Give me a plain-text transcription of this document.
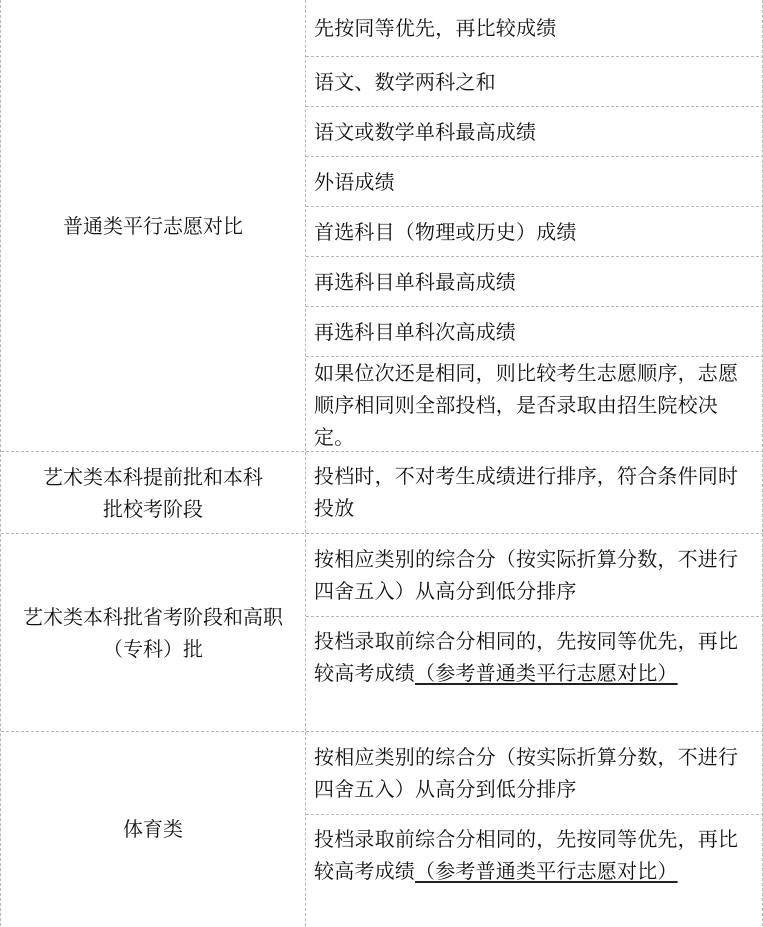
普通类平行志愿对比
先按同等优先，再比较成绩
语文、数学两科之和
语文或数学单科最高成绩
外语成绩
首选科目（物理或历史）成绩
再选科目单科最高成绩
再选科目单科次高成绩
如果位次还是相同，则比较考生志愿顺序，志愿顺序相同则全部投档，是否录取由招生院校决定。
艺术类本科提前批和本科批校考阶段
投档时，不对考生成绩进行排序，符合条件同时投放
艺术类本科批省考阶段和高职（专科）批
按相应类别的综合分（按实际折算分数，不进行四舍五入）从高分到低分排序
投档录取前综合分相同的，先按同等优先，再比较高考成绩（参考普通类平行志愿对比）
体育类
按相应类别的综合分（按实际折算分数，不进行四舍五入）从高分到低分排序
投档录取前综合分相同的，先按同等优先，再比较高考成绩（参考普通类平行志愿对比）
